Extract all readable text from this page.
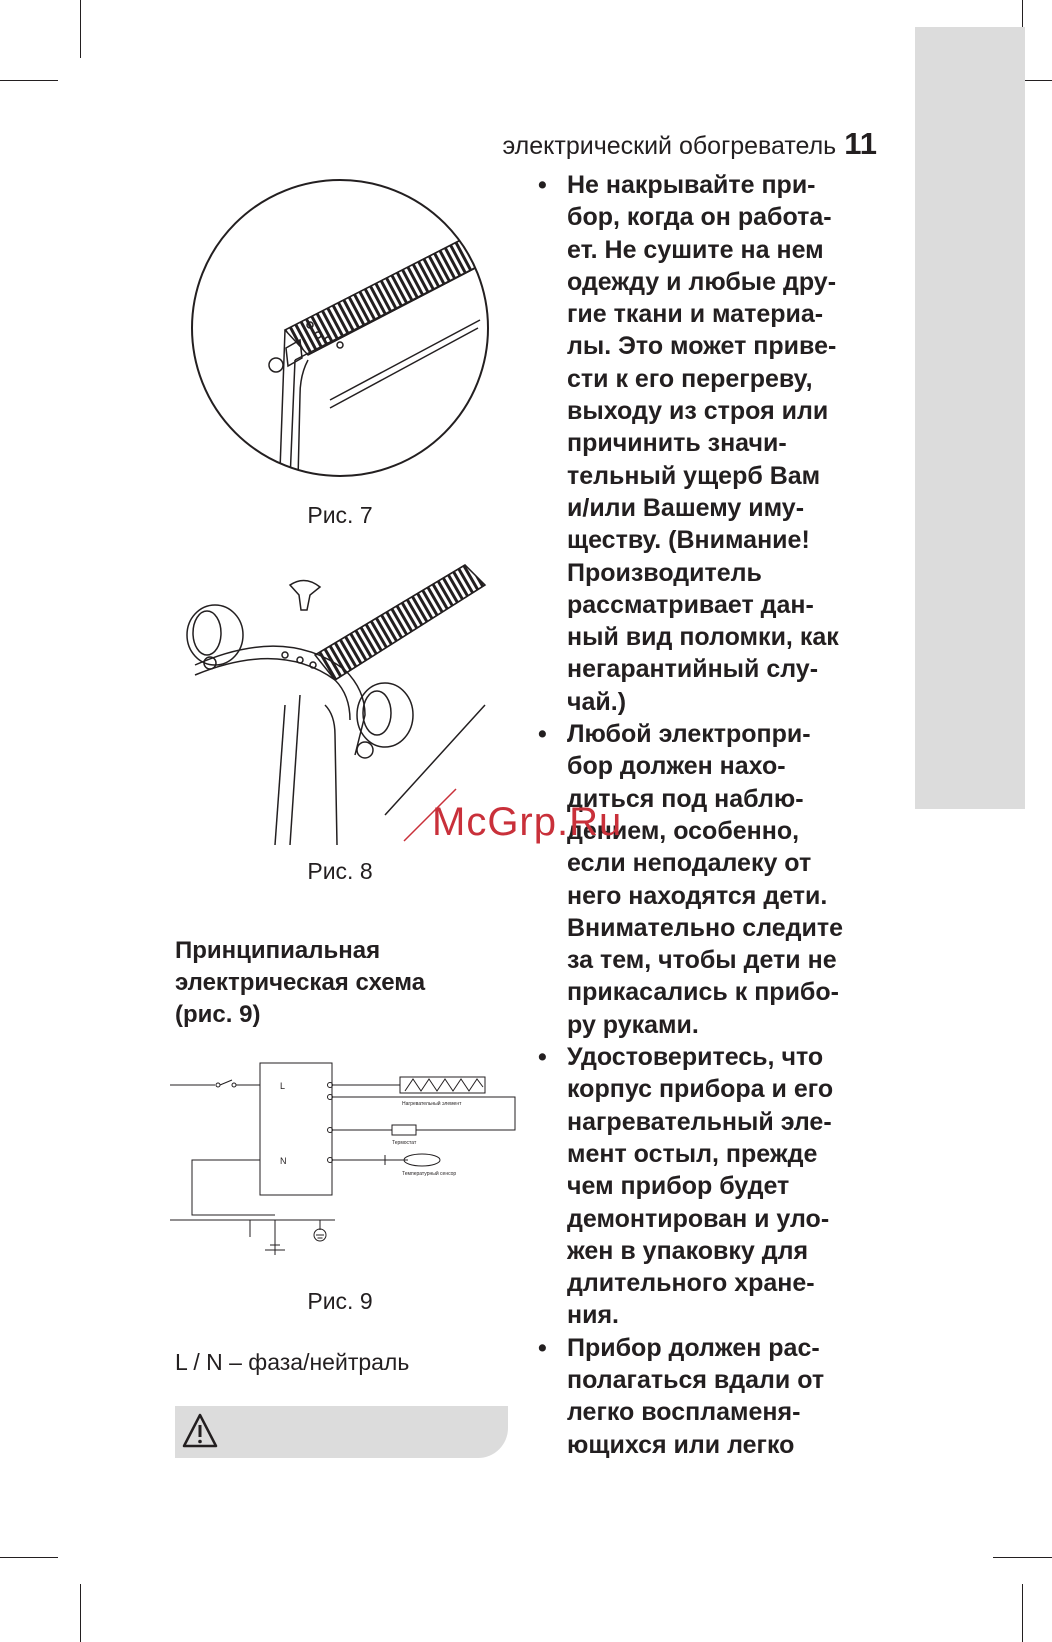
электрический обогреватель 11
Рис. 7
Рис. 8
Принципиальная
электрическая схема
(рис. 9)
L
N
Нагревательный элемент
Термостат
Температурный сенсор
Рис. 9
L / N – фаза/нейтраль
• Не накрывайте при-
бор, когда он работа-
ет. Не сушите на нем
одежду и любые дру-
гие ткани и материа-
лы. Это может приве-
сти к его перегреву,
выходу из строя или
причинить значи-
тельный ущерб Вам
и/или Вашему иму-
ществу. (Внимание!
Производитель
рассматривает дан-
ный вид поломки, как
негарантийный слу-
чай.)
• Любой электропри-
бор должен нахо-
диться под наблю-
дением, особенно,
если неподалеку от
него находятся дети.
Внимательно следите
за тем, чтобы дети не
прикасались к прибо-
ру руками.
• Удостоверитесь, что
корпус прибора и его
нагревательный эле-
мент остыл, прежде
чем прибор будет
демонтирован и уло-
жен в упаковку для
длительного хране-
ния.
• Прибор должен рас-
полагаться вдали от
легко воспламеня-
ющихся или легко
McGrp.Ru
